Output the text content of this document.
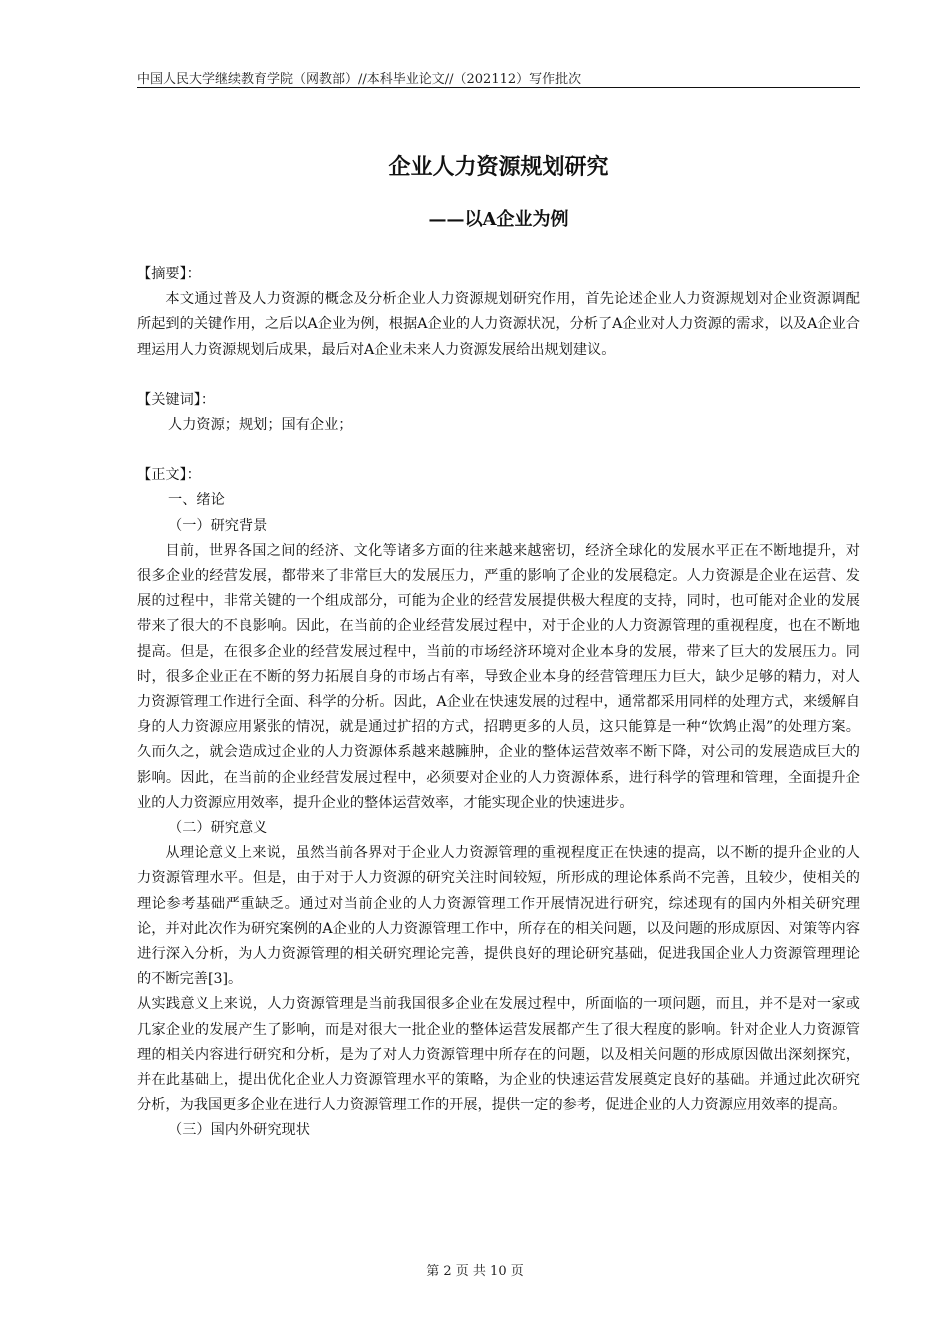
中国人民大学继续教育学院（网教部）//本科毕业论文//（202112）写作批次
企业人力资源规划研究
——以A企业为例
【摘要】：

本文通过普及人力资源的概念及分析企业人力资源规划研究作用，首先论述企业人力资源规划对企业资源调配所起到的关键作用，之后以A企业为例，根据A企业的人力资源状况，分析了A企业对人力资源的需求，以及A企业合理运用人力资源规划后成果，最后对A企业未来人力资源发展给出规划建议。

【关键词】：
人力资源；规划；国有企业；
【正文】：
一、绪论
（一）研究背景

目前，世界各国之间的经济、文化等诸多方面的往来越来越密切，经济全球化的发展水平正在不断地提升，对很多企业的经营发展，都带来了非常巨大的发展压力，严重的影响了企业的发展稳定。人力资源是企业在运营、发展的过程中，非常关键的一个组成部分，可能为企业的经营发展提供极大程度的支持，同时，也可能对企业的发展带来了很大的不良影响。因此，在当前的企业经营发展过程中，对于企业的人力资源管理的重视程度，也在不断地提高。但是，在很多企业的经营发展过程中，当前的市场经济环境对企业本身的发展，带来了巨大的发展压力。同时，很多企业正在不断的努力拓展自身的市场占有率，导致企业本身的经营管理压力巨大，缺少足够的精力，对人力资源管理工作进行全面、科学的分析。因此，A企业在快速发展的过程中，通常都采用同样的处理方式，来缓解自身的人力资源应用紧张的情况，就是通过扩招的方式，招聘更多的人员，这只能算是一种“饮鸩止渴”的处理方案。久而久之，就会造成过企业的人力资源体系越来越臃肿，企业的整体运营效率不断下降，对公司的发展造成巨大的影响。因此，在当前的企业经营发展过程中，必须要对企业的人力资源体系，进行科学的管理和管理，全面提升企业的人力资源应用效率，提升企业的整体运营效率，才能实现企业的快速进步。

（二）研究意义

从理论意义上来说，虽然当前各界对于企业人力资源管理的重视程度正在快速的提高，以不断的提升企业的人力资源管理水平。但是，由于对于人力资源的研究关注时间较短，所形成的理论体系尚不完善，且较少，使相关的理论参考基础严重缺乏。通过对当前企业的人力资源管理工作开展情况进行研究，综述现有的国内外相关研究理论，并对此次作为研究案例的A企业的人力资源管理工作中，所存在的相关问题，以及问题的形成原因、对策等内容进行深入分析，为人力资源管理的相关研究理论完善，提供良好的理论研究基础，促进我国企业人力资源管理理论的不断完善[3]。

从实践意义上来说，人力资源管理是当前我国很多企业在发展过程中，所面临的一项问题，而且，并不是对一家或几家企业的发展产生了影响，而是对很大一批企业的整体运营发展都产生了很大程度的影响。针对企业人力资源管理的相关内容进行研究和分析，是为了对人力资源管理中所存在的问题，以及相关问题的形成原因做出深刻探究，并在此基础上，提出优化企业人力资源管理水平的策略，为企业的快速运营发展奠定良好的基础。并通过此次研究分析，为我国更多企业在进行人力资源管理工作的开展，提供一定的参考，促进企业的人力资源应用效率的提高。

（三）国内外研究现状
第 2 页 共 10 页
